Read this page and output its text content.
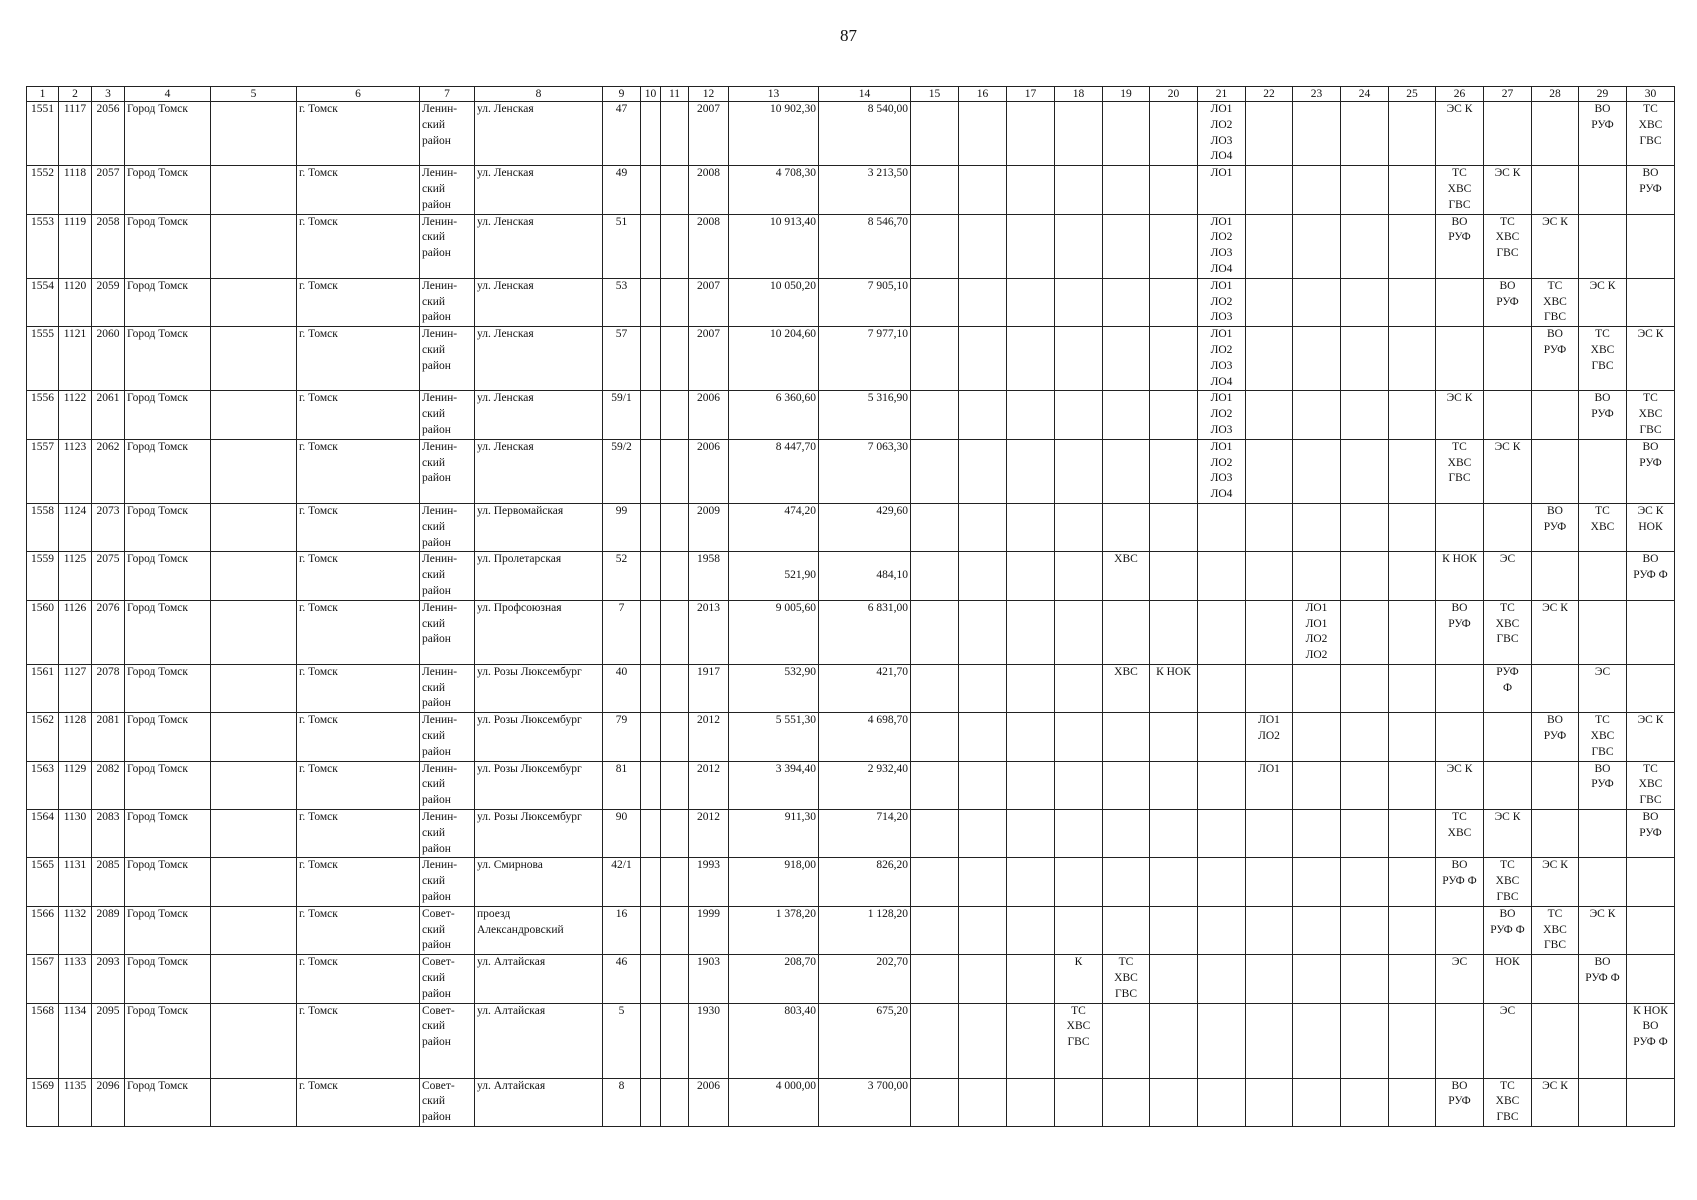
87
1	2	3	4	5	6	7	8	9	10	11	12	13	14	15	16	17	18	19	20	21	22	23	24	25	26	27	28	29	30
1551	1117	2056	Город Томск		г. Томск	Ленин-
ский
район	ул. Ленская	47			2007	10 902,30	8 540,00							ЛО1
ЛО2
ЛО3
ЛО4					ЭС К			ВО
РУФ	ТС
ХВС
ГВС
1552	1118	2057	Город Томск		г. Томск	Ленин-
ский
район	ул. Ленская	49			2008	4 708,30	3 213,50							ЛО1					ТС
ХВС
ГВС	ЭС К			ВО
РУФ
1553	1119	2058	Город Томск		г. Томск	Ленин-
ский
район	ул. Ленская	51			2008	10 913,40	8 546,70							ЛО1
ЛО2
ЛО3
ЛО4					ВО
РУФ	ТС
ХВС
ГВС	ЭС К		
1554	1120	2059	Город Томск		г. Томск	Ленин-
ский
район	ул. Ленская	53			2007	10 050,20	7 905,10							ЛО1
ЛО2
ЛО3						ВО
РУФ	ТС
ХВС
ГВС	ЭС К	
1555	1121	2060	Город Томск		г. Томск	Ленин-
ский
район	ул. Ленская	57			2007	10 204,60	7 977,10							ЛО1
ЛО2
ЛО3
ЛО4							ВО
РУФ	ТС
ХВС
ГВС	ЭС К
1556	1122	2061	Город Томск		г. Томск	Ленин-
ский
район	ул. Ленская	59/1			2006	6 360,60	5 316,90							ЛО1
ЛО2
ЛО3					ЭС К			ВО
РУФ	ТС
ХВС
ГВС
1557	1123	2062	Город Томск		г. Томск	Ленин-
ский
район	ул. Ленская	59/2			2006	8 447,70	7 063,30							ЛО1
ЛО2
ЛО3
ЛО4					ТС
ХВС
ГВС	ЭС К			ВО
РУФ
1558	1124	2073	Город Томск		г. Томск	Ленин-
ский
район	ул. Первомайская	99			2009	474,20	429,60														ВО
РУФ	ТС
ХВС	ЭС К
НОК
1559	1125	2075	Город Томск		г. Томск	Ленин-
ский
район	ул. Пролетарская	52			1958	
521,90	
484,10					ХВС							К НОК	ЭС			ВО
РУФ Ф
1560	1126	2076	Город Томск		г. Томск	Ленин-
ский
район	ул. Профсоюзная	7			2013	9 005,60	6 831,00									ЛО1
ЛО1
ЛО2
ЛО2			ВО
РУФ	ТС
ХВС
ГВС	ЭС К		
1561	1127	2078	Город Томск		г. Томск	Ленин-
ский
район	ул. Розы Люксембург	40			1917	532,90	421,70					ХВС	К НОК							РУФ
Ф		ЭС	
1562	1128	2081	Город Томск		г. Томск	Ленин-
ский
район	ул. Розы Люксембург	79			2012	5 551,30	4 698,70								ЛО1
ЛО2						ВО
РУФ	ТС
ХВС
ГВС	ЭС К
1563	1129	2082	Город Томск		г. Томск	Ленин-
ский
район	ул. Розы Люксембург	81			2012	3 394,40	2 932,40								ЛО1				ЭС К			ВО
РУФ	ТС
ХВС
ГВС
1564	1130	2083	Город Томск		г. Томск	Ленин-
ский
район	ул. Розы Люксембург	90			2012	911,30	714,20												ТС
ХВС	ЭС К			ВО
РУФ
1565	1131	2085	Город Томск		г. Томск	Ленин-
ский
район	ул. Смирнова	42/1			1993	918,00	826,20												ВО
РУФ Ф	ТС
ХВС
ГВС	ЭС К		
1566	1132	2089	Город Томск		г. Томск	Совет-
ский
район	проезд
Александровский	16			1999	1 378,20	1 128,20													ВО
РУФ Ф	ТС
ХВС
ГВС	ЭС К	
1567	1133	2093	Город Томск		г. Томск	Совет-
ский
район	ул. Алтайская	46			1903	208,70	202,70				К	ТС
ХВС
ГВС							ЭС	НОК		ВО
РУФ Ф	
1568	1134	2095	Город Томск		г. Томск	Совет-
ский
район	ул. Алтайская	5			1930	803,40	675,20				ТС
ХВС
ГВС									ЭС			К НОК
ВО
РУФ Ф
1569	1135	2096	Город Томск		г. Томск	Совет-
ский
район	ул. Алтайская	8			2006	4 000,00	3 700,00												ВО
РУФ	ТС
ХВС
ГВС	ЭС К		
